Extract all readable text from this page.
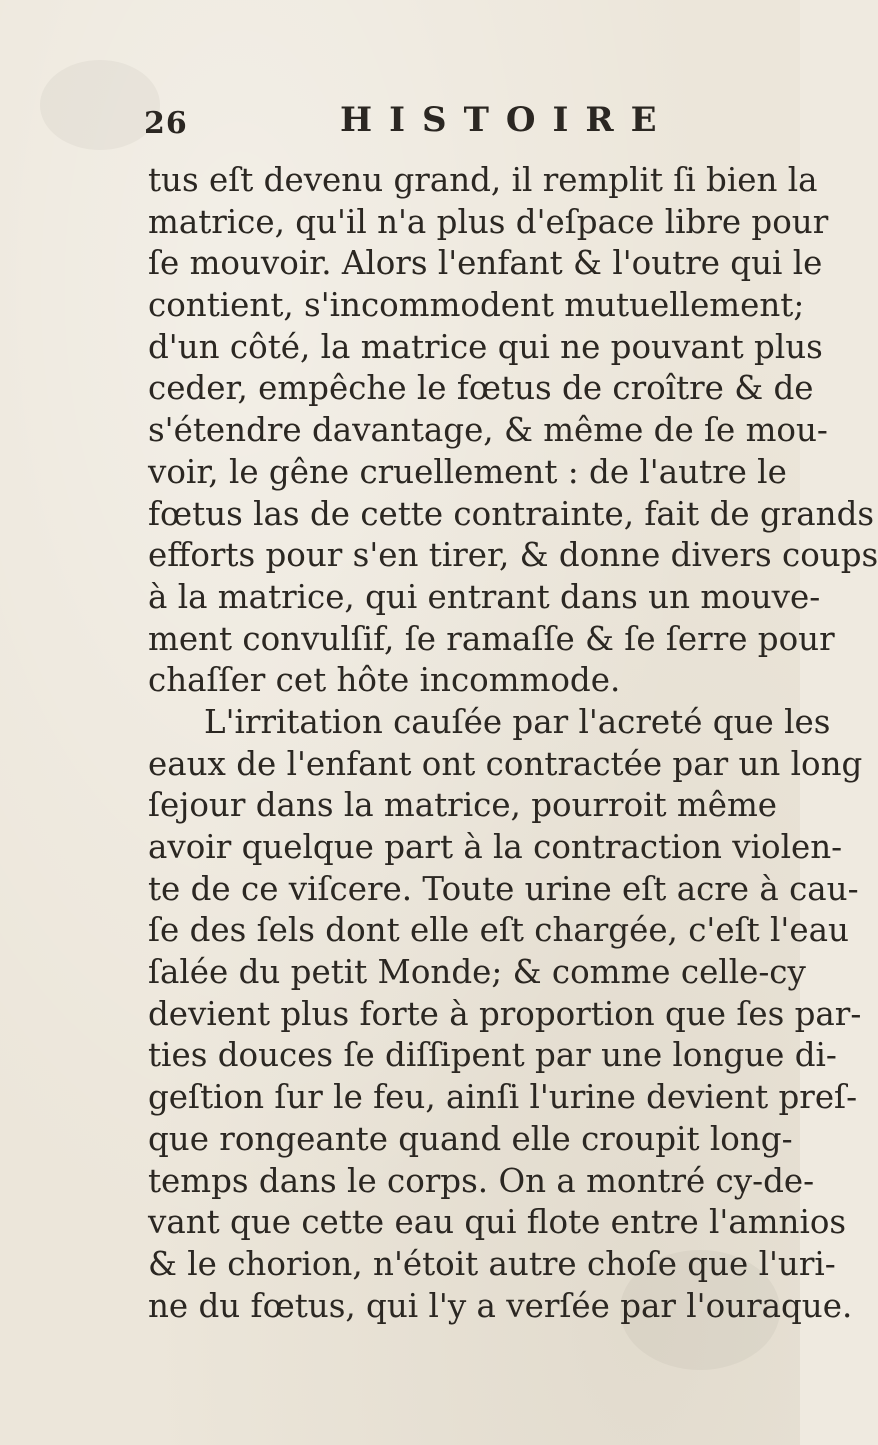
26	HISTOIRE
tus eſt devenu grand, il remplit ſi bien la
matrice, qu'il n'a plus d'eſpace libre pour
ſe mouvoir. Alors l'enfant & l'outre qui le
contient, s'incommodent mutuellement;
d'un côté, la matrice qui ne pouvant plus
ceder, empêche le fœtus de croître & de
s'étendre davantage, & même de ſe mou-
voir, le gêne cruellement : de l'autre le
fœtus las de cette contrainte, fait de grands
efforts pour s'en tirer, & donne divers coups
à la matrice, qui entrant dans un mouve-
ment convulſif, ſe ramaſſe & ſe ſerre pour
chaſſer cet hôte incommode.
L'irritation cauſée par l'acreté que les
eaux de l'enfant ont contractée par un long
ſejour dans la matrice, pourroit même
avoir quelque part à la contraction violen-
te de ce viſcere. Toute urine eſt acre à cau-
ſe des ſels dont elle eſt chargée, c'eſt l'eau
ſalée du petit Monde; & comme celle-cy
devient plus forte à proportion que ſes par-
ties douces ſe diſſipent par une longue di-
geſtion ſur le feu, ainſi l'urine devient preſ-
que rongeante quand elle croupit long-
temps dans le corps. On a montré cy-de-
vant que cette eau qui flote entre l'amnios
& le chorion, n'étoit autre choſe que l'uri-
ne du fœtus, qui l'y a verſée par l'ouraque.
